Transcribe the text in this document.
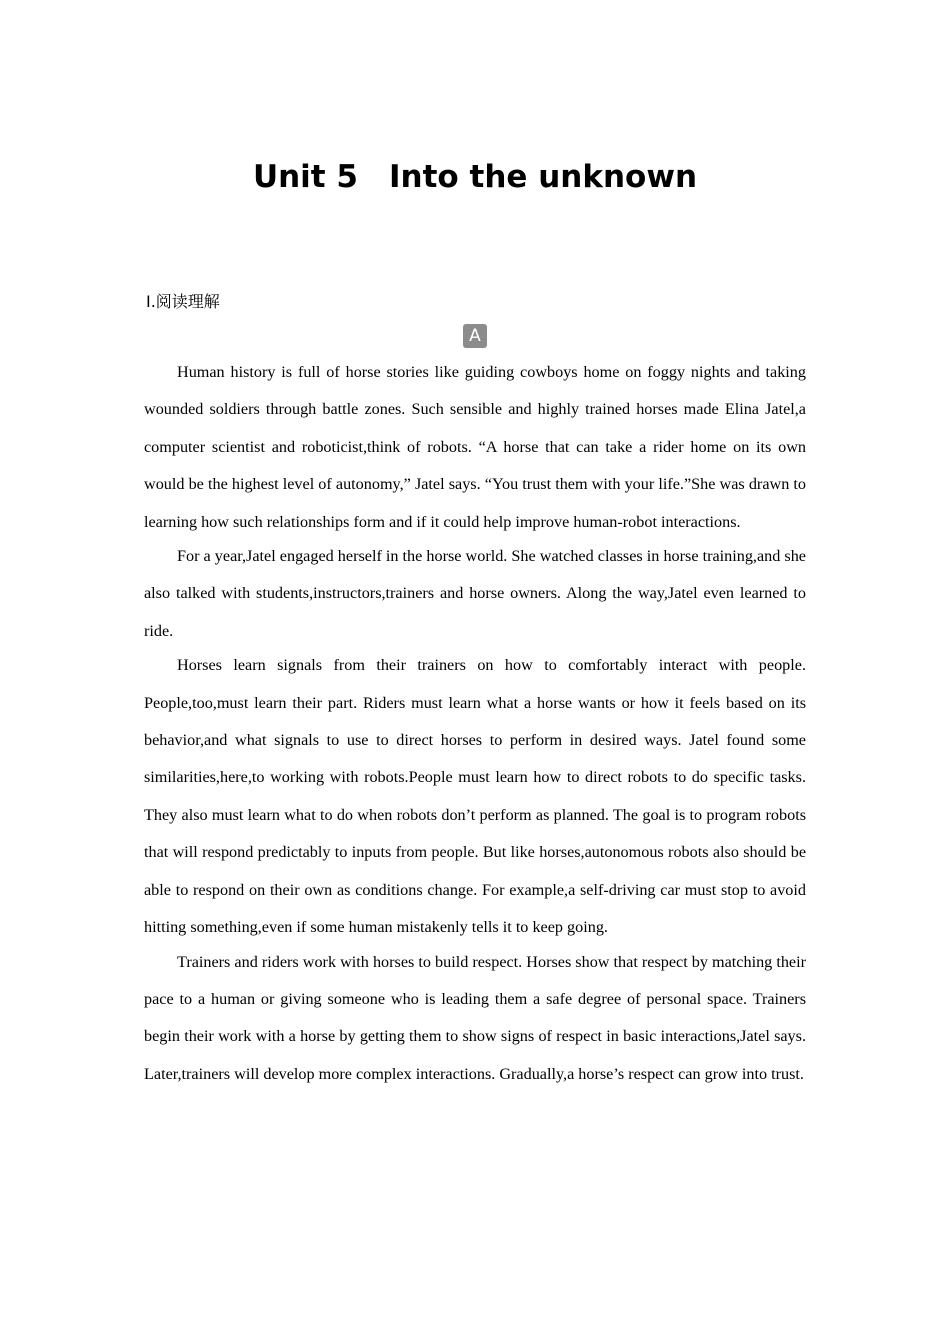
Unit 5　Into the unknown
Ⅰ.阅读理解
A

Human history is full of horse stories like guiding cowboys home on foggy nights and taking wounded soldiers through battle zones. Such sensible and highly trained horses made Elina Jatel,a computer scientist and roboticist,think of robots. “A horse that can take a rider home on its own would be the highest level of autonomy,” Jatel says. “You trust them with your life.”She was drawn to learning how such relationships form and if it could help improve human-robot interactions.

For a year,Jatel engaged herself in the horse world. She watched classes in horse training,and she also talked with students,instructors,trainers and horse owners. Along the way,Jatel even learned to ride.

Horses learn signals from their trainers on how to comfortably interact with people. People,too,must learn their part. Riders must learn what a horse wants or how it feels based on its behavior,and what signals to use to direct horses to perform in desired ways. Jatel found some similarities,here,to working with robots.People must learn how to direct robots to do specific tasks. They also must learn what to do when robots don’t perform as planned. The goal is to program robots that will respond predictably to inputs from people. But like horses,autonomous robots also should be able to respond on their own as conditions change. For example,a self-driving car must stop to avoid hitting something,even if some human mistakenly tells it to keep going.

Trainers and riders work with horses to build respect. Horses show that respect by matching their pace to a human or giving someone who is leading them a safe degree of personal space. Trainers begin their work with a horse by getting them to show signs of respect in basic interactions,Jatel says. Later,trainers will develop more complex interactions. Gradually,a horse’s respect can grow into trust.
